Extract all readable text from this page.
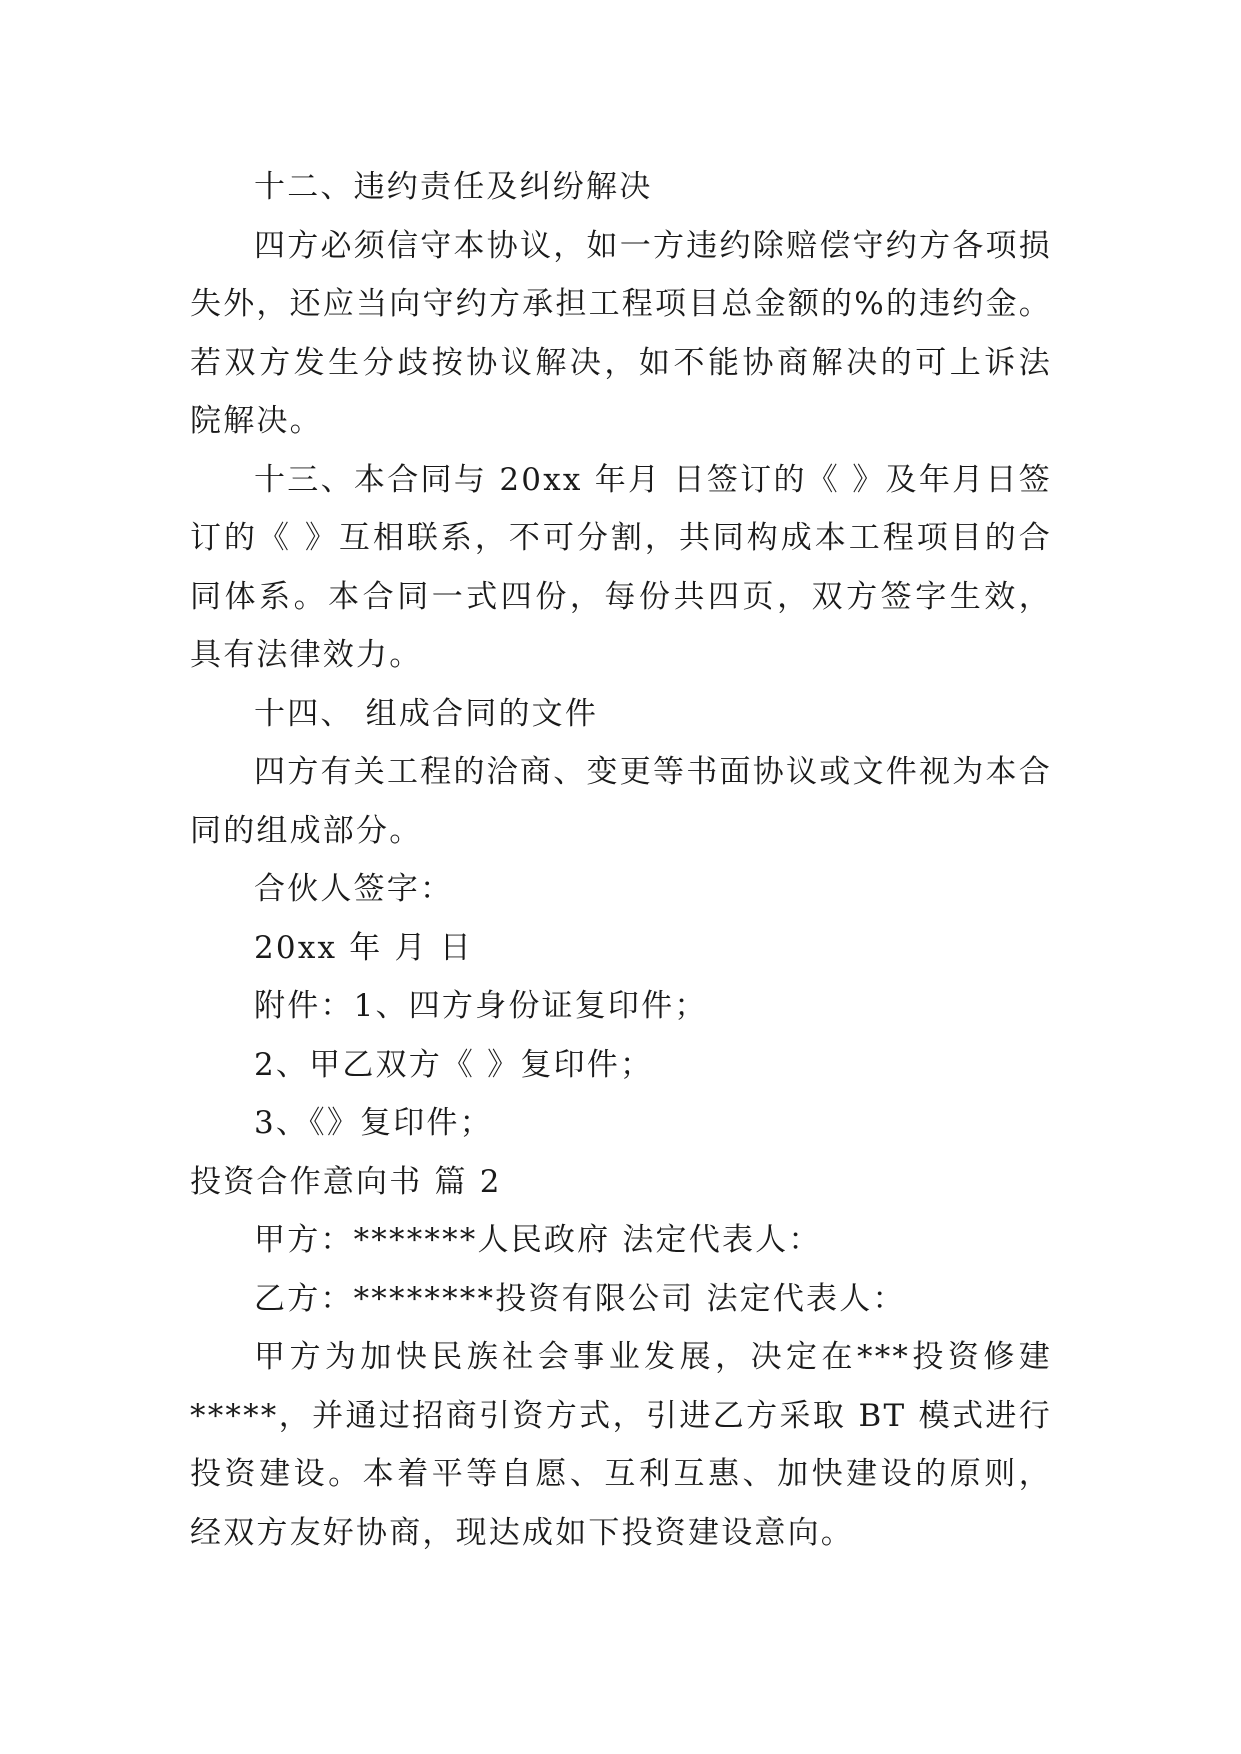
十二、违约责任及纠纷解决

四方必须信守本协议，如一方违约除赔偿守约方各项损失外，还应当向守约方承担工程项目总金额的%的违约金。若双方发生分歧按协议解决，如不能协商解决的可上诉法院解决。

十三、本合同与 20xx 年月 日签订的《 》及年月日签订的《 》互相联系，不可分割，共同构成本工程项目的合同体系。本合同一式四份，每份共四页，双方签字生效，具有法律效力。

十四、 组成合同的文件

四方有关工程的洽商、变更等书面协议或文件视为本合同的组成部分。

合伙人签字：

20xx 年 月 日

附件：1、四方身份证复印件；

2、甲乙双方《 》复印件；

3、《》复印件；

投资合作意向书 篇 2

甲方：*******人民政府 法定代表人：

乙方：********投资有限公司 法定代表人：

甲方为加快民族社会事业发展，决定在***投资修建*****，并通过招商引资方式，引进乙方采取 BT 模式进行投资建设。本着平等自愿、互利互惠、加快建设的原则，经双方友好协商，现达成如下投资建设意向。
